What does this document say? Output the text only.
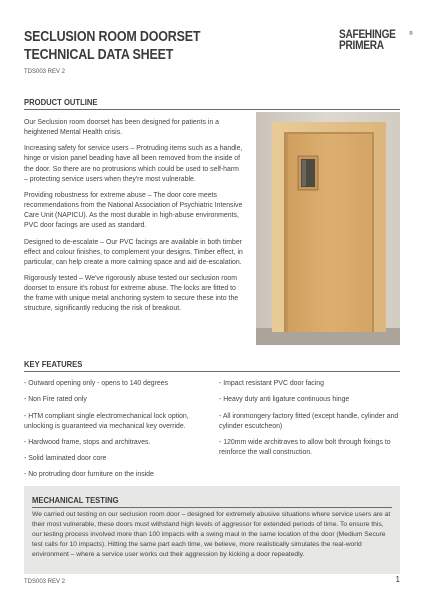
SECLUSION ROOM DOORSET
TECHNICAL DATA SHEET
TDS003 REV 2
SAFEHINGE
PRIMERA
®
PRODUCT OUTLINE

Our Seclusion room doorset has been designed for patients in a heightened Mental Health crisis.

Increasing safety for service users – Protruding items such as a handle, hinge or vision panel beading have all been removed from the inside of the door. So there are no protrusions which could be used to self-harm – protecting service users when they're most vulnerable.

Providing robustness for extreme abuse – The door core meets recommendations from the National Association of Psychiatric Intensive Care Unit (NAPICU). As the most durable in high-abuse environments, PVC door facings are used as standard.

Designed to de-escalate – Our PVC facings are available in both timber effect and colour finishes, to complement your designs. Timber effect, in particular, can help create a more calming space and aid de-escalation.

Rigorously tested – We've rigorously abuse tested our seclusion room doorset to ensure it's robust for extreme abuse. The locks are fitted to the frame with unique metal anchoring system to secure these into the structure, significantly reducing the risk of breakout.

KEY FEATURES
- Outward opening only - opens to 140 degrees
- Non Fire rated only
- HTM compliant single electromechanical lock option, unlocking is guaranteed via mechanical key override.
- Hardwood frame, stops and architraves.
- Solid laminated door core
- No protruding door furniture on the inside
- Impact resistant PVC door facing
- Heavy duty anti ligature continuous hinge
- All ironmongery factory fitted (except handle, cylinder and cylinder escutcheon)
- 120mm wide architraves to allow bolt through fixings to reinforce the wall construction.
MECHANICAL TESTING
We carried out testing on our seclusion room door – designed for extremely abusive situations where service users are at their most vulnerable, these doors must withstand high levels of aggressor for extended periods of time. To ensure this, our testing process involved more than 100 impacts with a swing maul in the same location of the door (Medium Secure test calls for 10 impacts). Hitting the same part each time, we believe, more realistically simulates the real-world environment – where a service user works out their aggression by kicking a door repeatedly.
TDS003 REV 2	1
